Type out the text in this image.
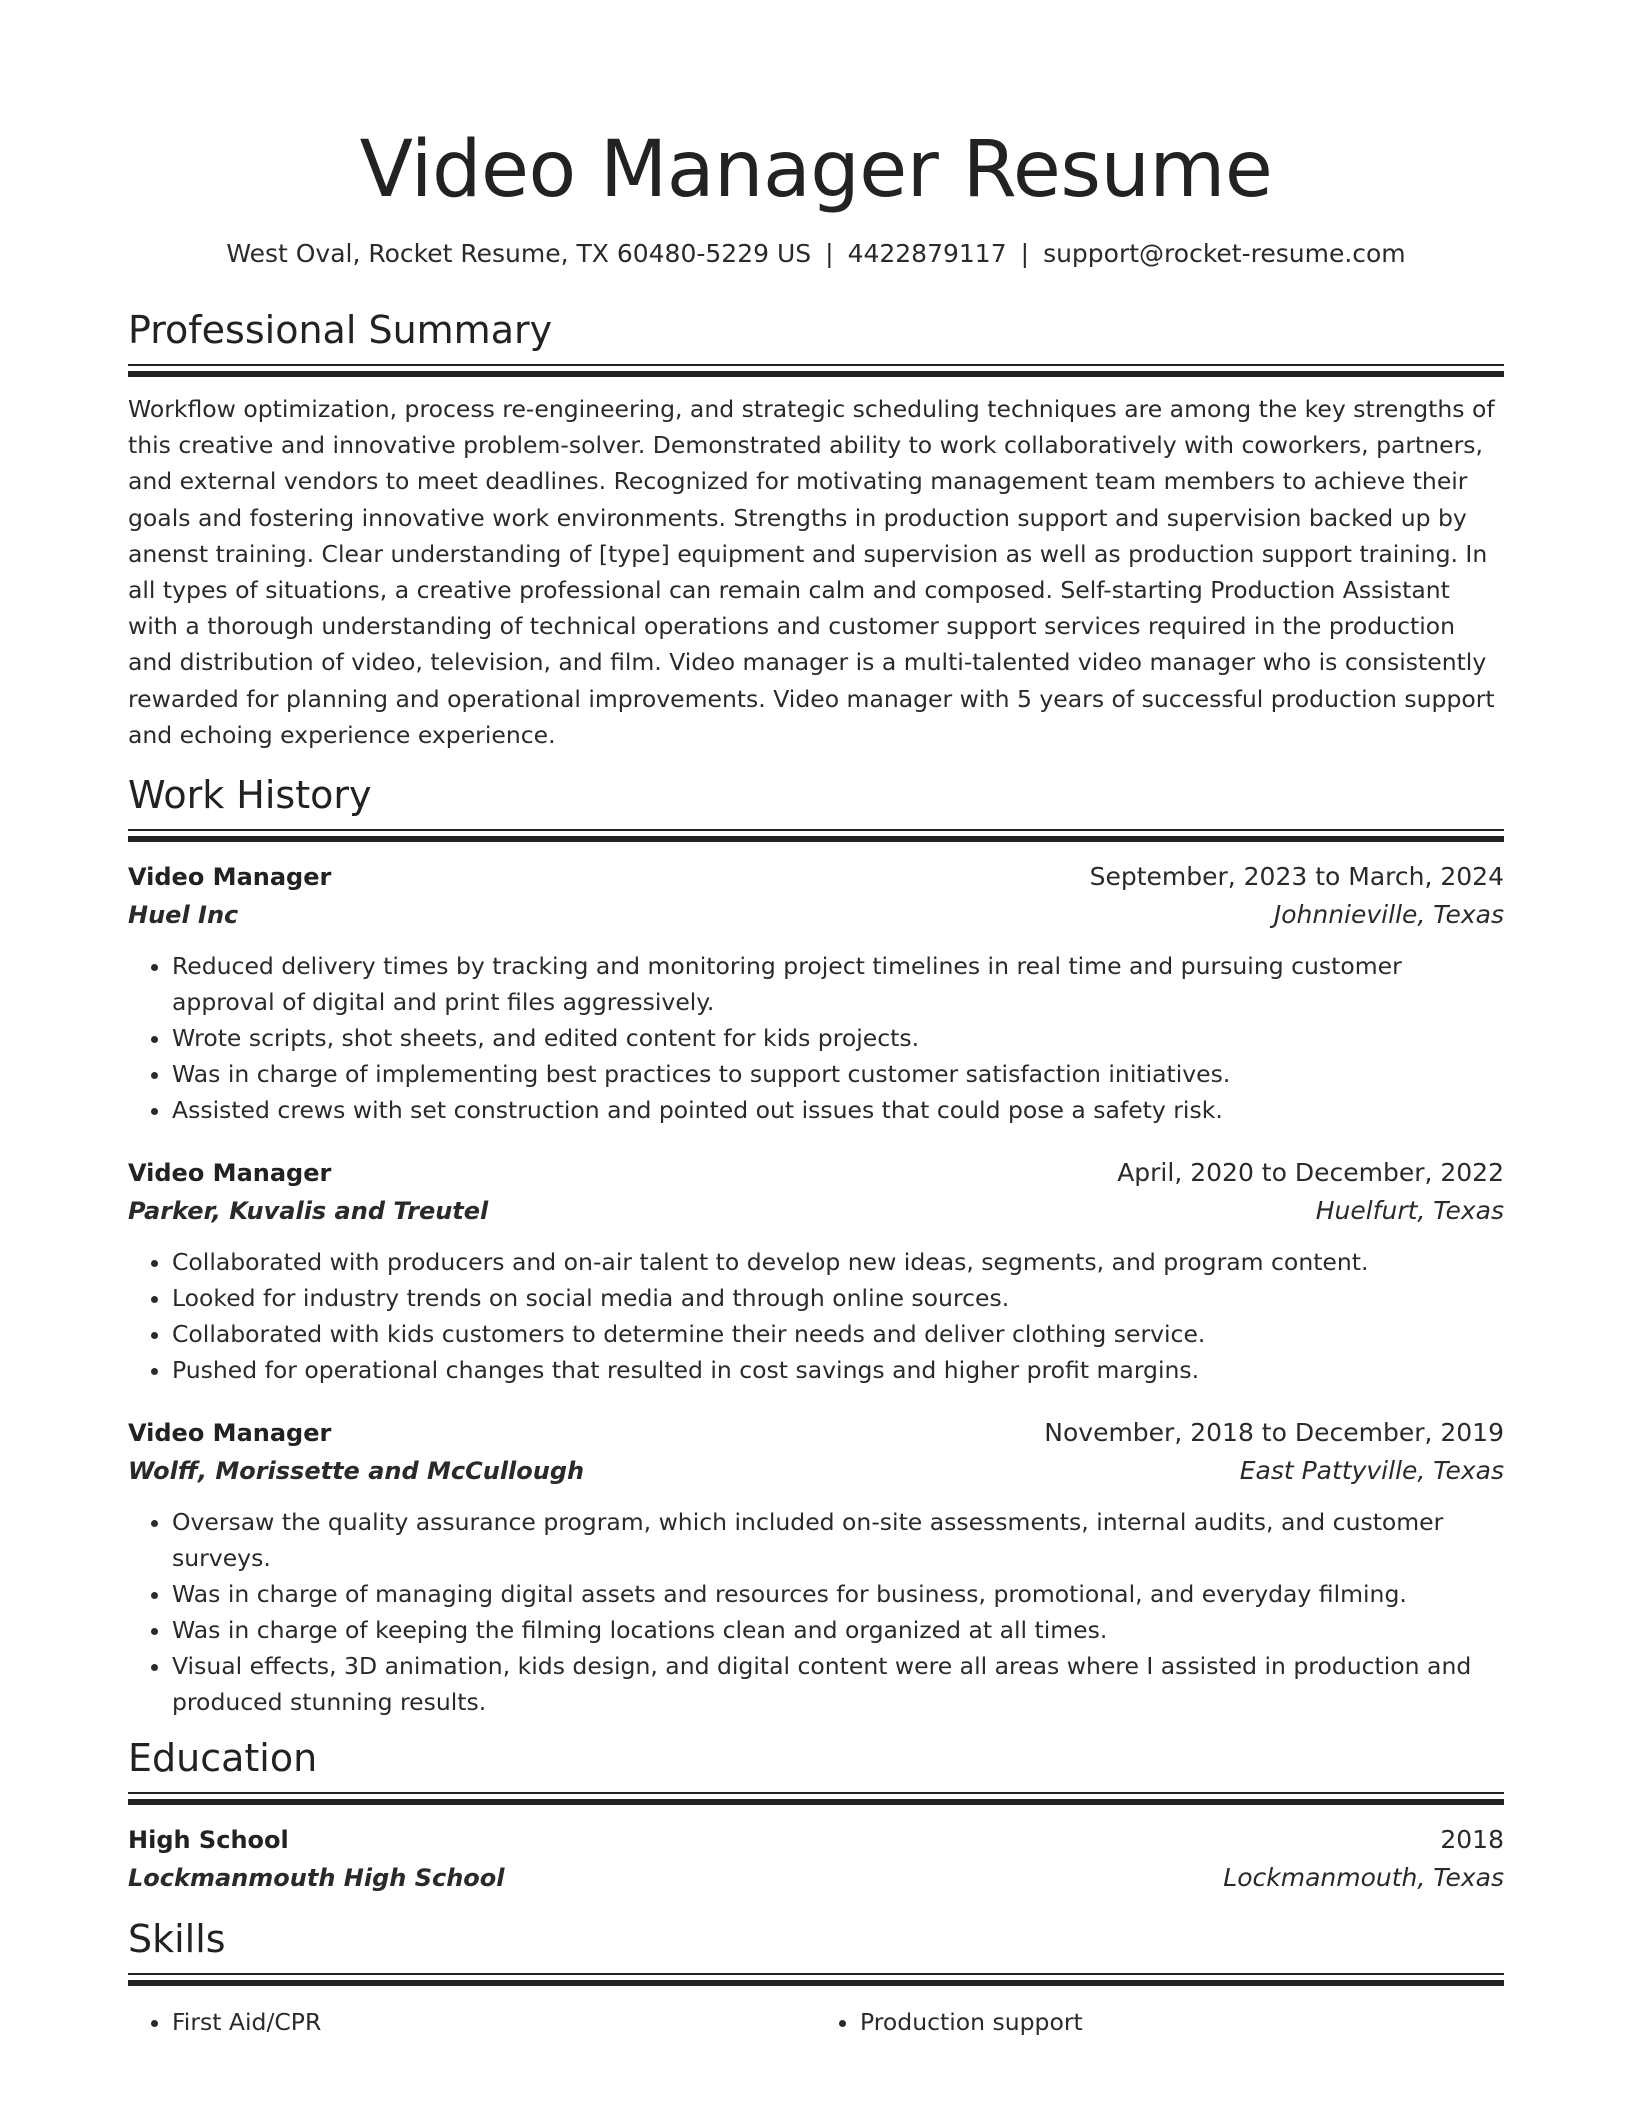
Video Manager Resume
West Oval, Rocket Resume, TX 60480-5229 US | 4422879117 | support@rocket-resume.com
Professional Summary

Workflow optimization, process re-engineering, and strategic scheduling techniques are among the key strengths of this creative and innovative problem-solver. Demonstrated ability to work collaboratively with coworkers, partners, and external vendors to meet deadlines. Recognized for motivating management team members to achieve their goals and fostering innovative work environments. Strengths in production support and supervision backed up by anenst training. Clear understanding of [type] equipment and supervision as well as production support training. In all types of situations, a creative professional can remain calm and composed. Self-starting Production Assistant with a thorough understanding of technical operations and customer support services required in the production and distribution of video, television, and film. Video manager is a multi-talented video manager who is consistently rewarded for planning and operational improvements. Video manager with 5 years of successful production support and echoing experience experience.

Work History
Video Manager	September, 2023 to March, 2024
Huel Inc	Johnnieville, Texas
• Reduced delivery times by tracking and monitoring project timelines in real time and pursuing customer approval of digital and print files aggressively.
• Wrote scripts, shot sheets, and edited content for kids projects.
• Was in charge of implementing best practices to support customer satisfaction initiatives.
• Assisted crews with set construction and pointed out issues that could pose a safety risk.
Video Manager	April, 2020 to December, 2022
Parker, Kuvalis and Treutel	Huelfurt, Texas
• Collaborated with producers and on-air talent to develop new ideas, segments, and program content.
• Looked for industry trends on social media and through online sources.
• Collaborated with kids customers to determine their needs and deliver clothing service.
• Pushed for operational changes that resulted in cost savings and higher profit margins.
Video Manager	November, 2018 to December, 2019
Wolff, Morissette and McCullough	East Pattyville, Texas
• Oversaw the quality assurance program, which included on-site assessments, internal audits, and customer surveys.
• Was in charge of managing digital assets and resources for business, promotional, and everyday filming.
• Was in charge of keeping the filming locations clean and organized at all times.
• Visual effects, 3D animation, kids design, and digital content were all areas where I assisted in production and produced stunning results.
Education
High School	2018
Lockmanmouth High School	Lockmanmouth, Texas
Skills
• First Aid/CPR
•	Production support
